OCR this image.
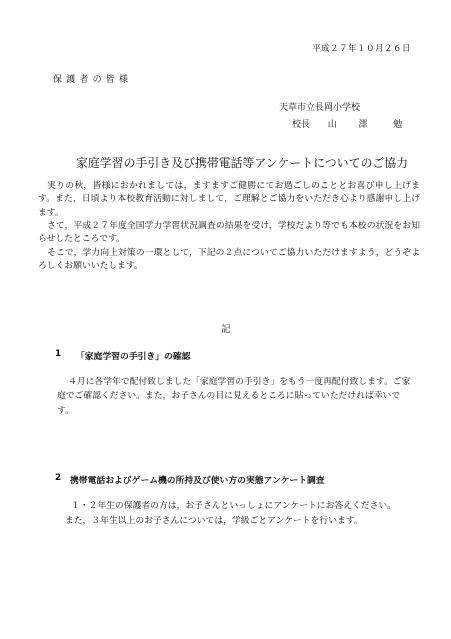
平成２７年１０月２６日
保護者の皆様
天草市立長岡小学校
校長 山 澤	勉
家庭学習の手引き及び携帯電話等アンケートについてのご協力
実りの秋，皆様におかれましては，ますますご健勝にてお過ごしのこととお喜び申し上げます。また，日頃より本校教育活動に対しまして，ご理解とご協力をいただき心より感謝申し上げます。
さて，平成２７年度全国学力学習状況調査の結果を受け，学校だより等でも本校の状況をお知らせしたところです。
そこで，学力向上対策の一環として，下記の２点についてご協力いただけますよう，どうぞよろしくお願いいたします。
記
1 「家庭学習の手引き」の確認
４月に各学年で配付致しました「家庭学習の手引き」をもう一度再配付致します。ご家庭でご確認ください。また，お子さんの目に見えるところに貼っていただければ幸いです。
2 携帯電話およびゲーム機の所持及び使い方の実態アンケート調査
１・２年生の保護者の方は，お子さんといっしょにアンケートにお答えください。
また，３年生以上のお子さんについては，学級ごとアンケートを行います。
